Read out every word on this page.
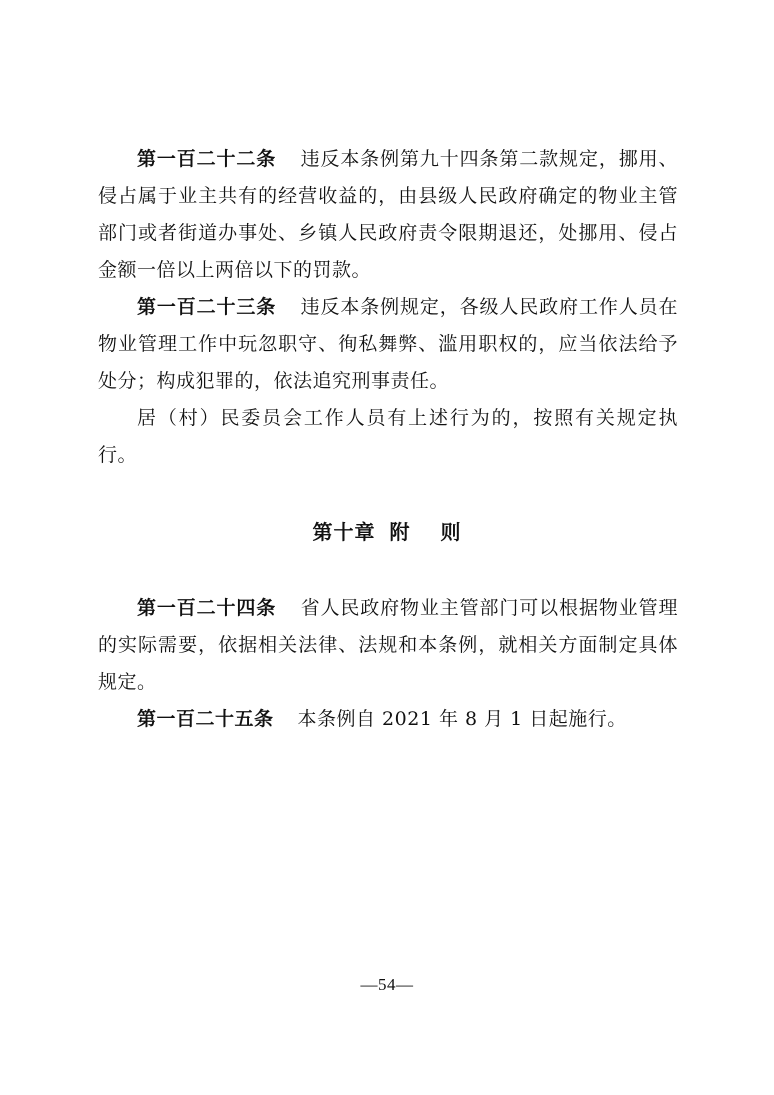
第一百二十二条 违反本条例第九十四条第二款规定，挪用、侵占属于业主共有的经营收益的，由县级人民政府确定的物业主管部门或者街道办事处、乡镇人民政府责令限期退还，处挪用、侵占金额一倍以上两倍以下的罚款。

第一百二十三条 违反本条例规定，各级人民政府工作人员在物业管理工作中玩忽职守、徇私舞弊、滥用职权的，应当依法给予处分；构成犯罪的，依法追究刑事责任。

居（村）民委员会工作人员有上述行为的，按照有关规定执行。

第十章 附 则

第一百二十四条 省人民政府物业主管部门可以根据物业管理的实际需要，依据相关法律、法规和本条例，就相关方面制定具体规定。

第一百二十五条 本条例自 2021 年 8 月 1 日起施行。

—54—
